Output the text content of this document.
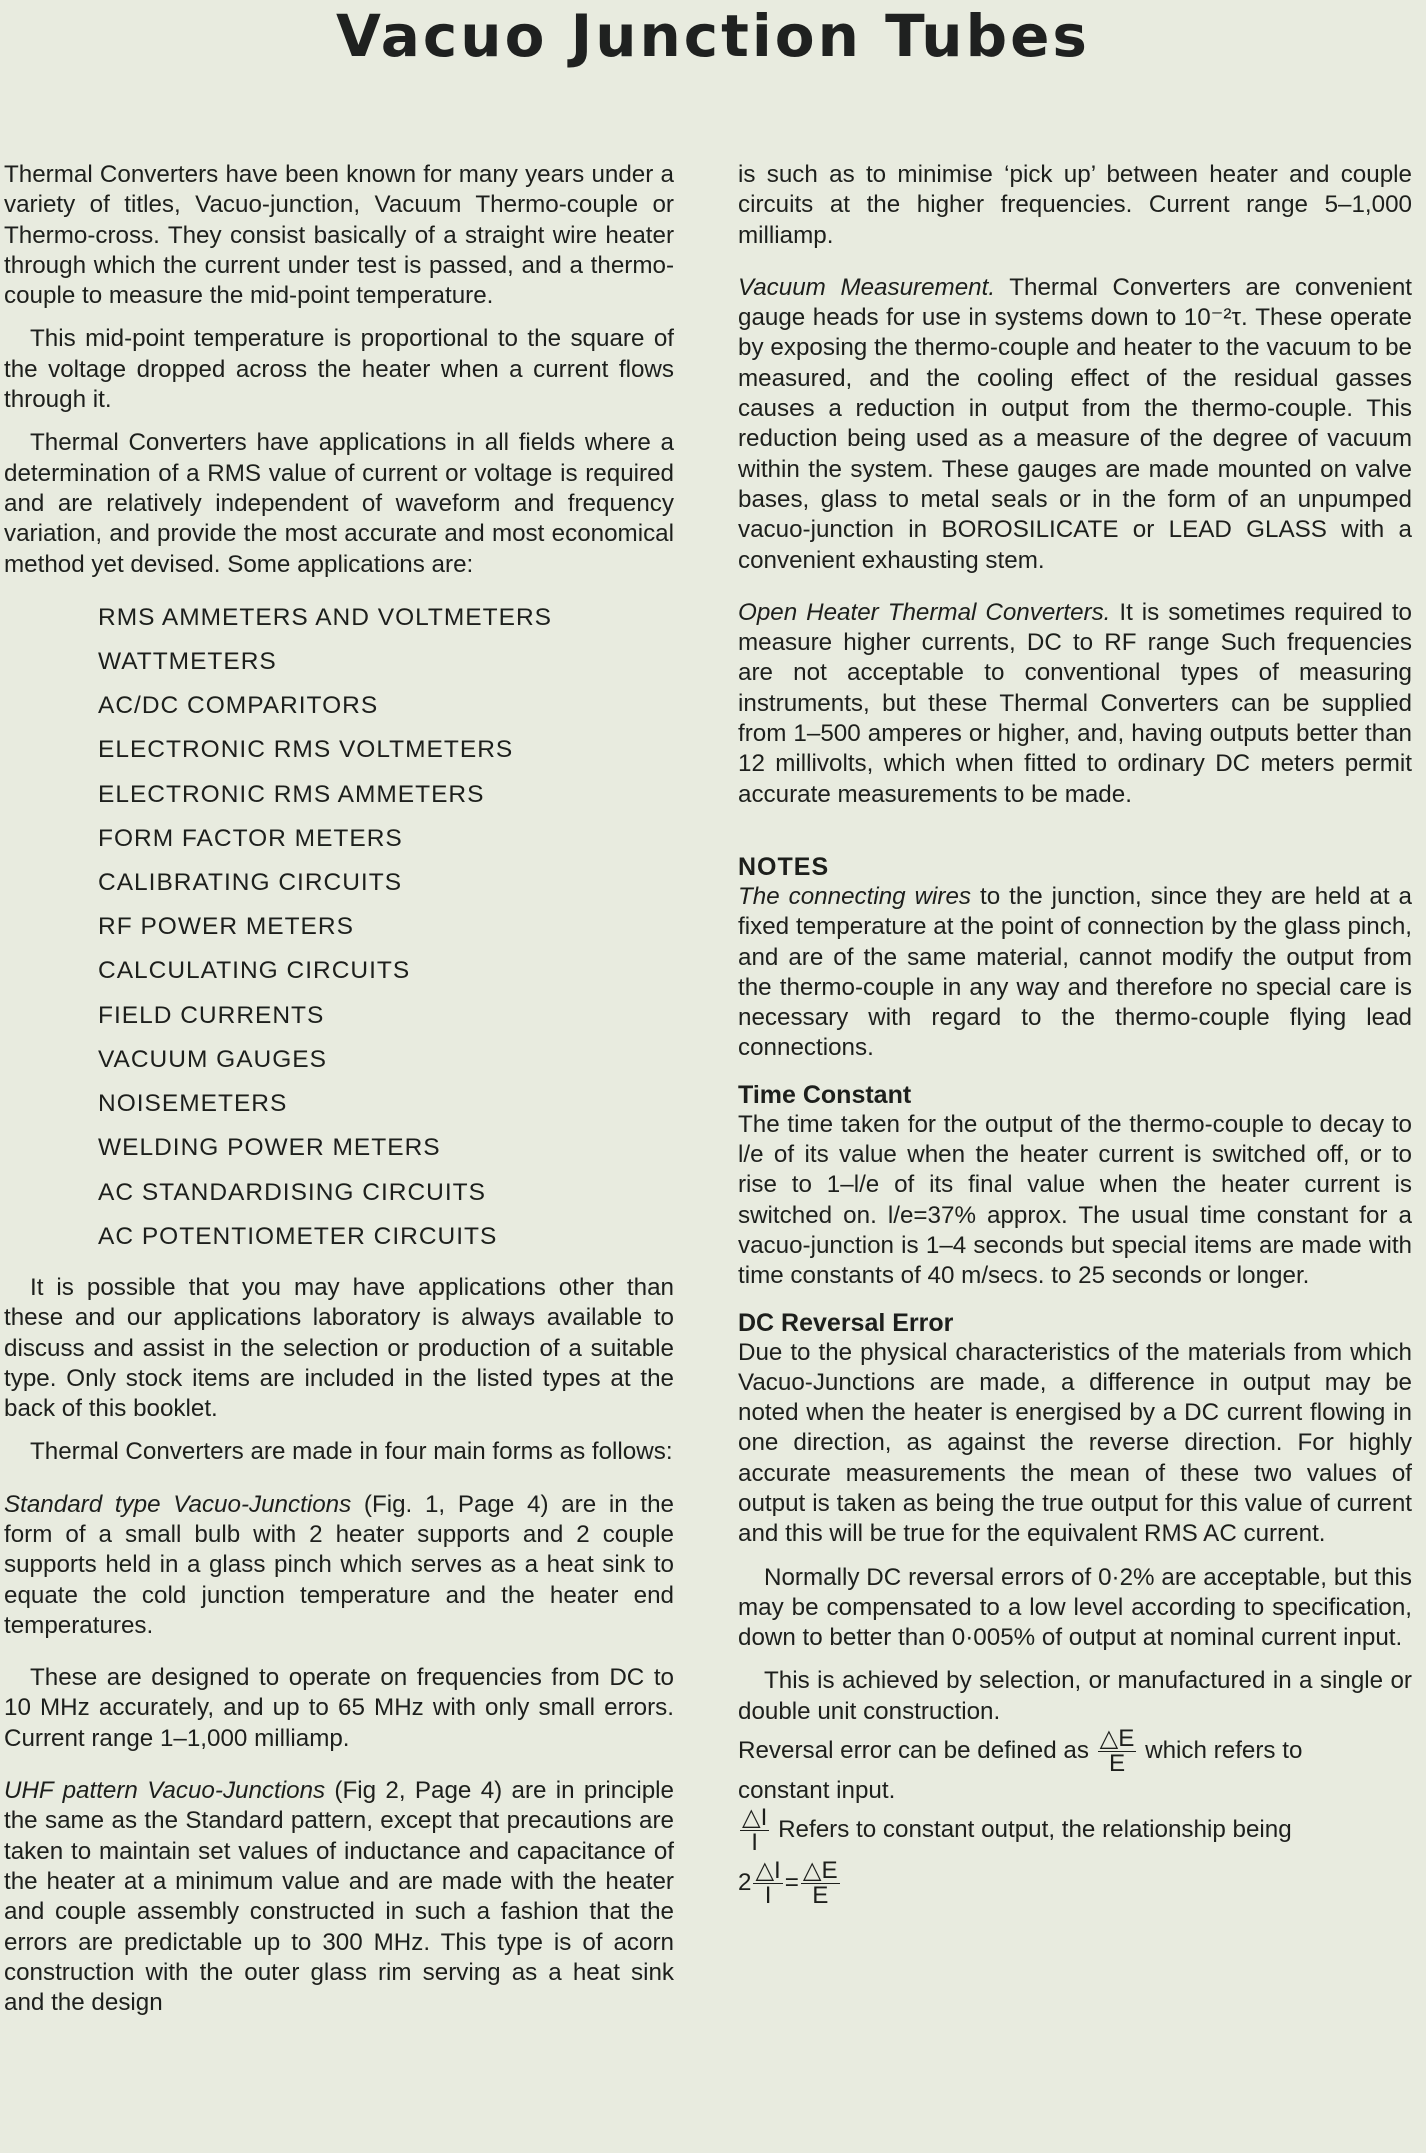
Vacuo Junction Tubes

Thermal Converters have been known for many years under a variety of titles, Vacuo-junction, Vacuum Thermo-couple or Thermo-cross. They consist basically of a straight wire heater through which the current under test is passed, and a thermo-couple to measure the mid-point temperature.

This mid-point temperature is proportional to the square of the voltage dropped across the heater when a current flows through it.

Thermal Converters have applications in all fields where a determination of a RMS value of current or voltage is required and are relatively independent of waveform and frequency variation, and provide the most accurate and most economical method yet devised. Some applications are:

RMS AMMETERS AND VOLTMETERS
WATTMETERS
AC/DC COMPARITORS
ELECTRONIC RMS VOLTMETERS
ELECTRONIC RMS AMMETERS
FORM FACTOR METERS
CALIBRATING CIRCUITS
RF POWER METERS
CALCULATING CIRCUITS
FIELD CURRENTS
VACUUM GAUGES
NOISEMETERS
WELDING POWER METERS
AC STANDARDISING CIRCUITS
AC POTENTIOMETER CIRCUITS

It is possible that you may have applications other than these and our applications laboratory is always available to discuss and assist in the selection or production of a suitable type. Only stock items are included in the listed types at the back of this booklet.

Thermal Converters are made in four main forms as follows:

Standard type Vacuo-Junctions (Fig. 1, Page 4) are in the form of a small bulb with 2 heater supports and 2 couple supports held in a glass pinch which serves as a heat sink to equate the cold junction temperature and the heater end temperatures.

These are designed to operate on frequencies from DC to 10 MHz accurately, and up to 65 MHz with only small errors. Current range 1–1,000 milliamp.

UHF pattern Vacuo-Junctions (Fig 2, Page 4) are in principle the same as the Standard pattern, except that precautions are taken to maintain set values of inductance and capacitance of the heater at a minimum value and are made with the heater and couple assembly constructed in such a fashion that the errors are predictable up to 300 MHz. This type is of acorn construction with the outer glass rim serving as a heat sink and the design

is such as to minimise ‘pick up’ between heater and couple circuits at the higher frequencies. Current range 5–1,000 milliamp.

Vacuum Measurement. Thermal Converters are convenient gauge heads for use in systems down to 10⁻²τ. These operate by exposing the thermo-couple and heater to the vacuum to be measured, and the cooling effect of the residual gasses causes a reduction in output from the thermo-couple. This reduction being used as a measure of the degree of vacuum within the system. These gauges are made mounted on valve bases, glass to metal seals or in the form of an unpumped vacuo-junction in BOROSILICATE or LEAD GLASS with a convenient exhausting stem.

Open Heater Thermal Converters. It is sometimes required to measure higher currents, DC to RF range Such frequencies are not acceptable to conventional types of measuring instruments, but these Thermal Converters can be supplied from 1–500 amperes or higher, and, having outputs better than 12 millivolts, which when fitted to ordinary DC meters permit accurate measurements to be made.

NOTES

The connecting wires to the junction, since they are held at a fixed temperature at the point of connection by the glass pinch, and are of the same material, cannot modify the output from the thermo-couple in any way and therefore no special care is necessary with regard to the thermo-couple flying lead connections.

Time Constant

The time taken for the output of the thermo-couple to decay to l/e of its value when the heater current is switched off, or to rise to 1–l/e of its final value when the heater current is switched on. l/e=37% approx. The usual time constant for a vacuo-junction is 1–4 seconds but special items are made with time constants of 40 m/secs. to 25 seconds or longer.

DC Reversal Error

Due to the physical characteristics of the materials from which Vacuo-Junctions are made, a difference in output may be noted when the heater is energised by a DC current flowing in one direction, as against the reverse direction. For highly accurate measurements the mean of these two values of output is taken as being the true output for this value of current and this will be true for the equivalent RMS AC current.

Normally DC reversal errors of 0·2% are acceptable, but this may be compensated to a low level according to specification, down to better than 0·005% of output at nominal current input.

This is achieved by selection, or manufactured in a single or double unit construction.

Reversal error can be defined as $\frac{\triangle E}{E}$ which refers to

constant input.

$\frac{\triangle I}{I}$ Refers to constant output, the relationship being

$2 \frac{\triangle I}{I} = \frac{\triangle E}{E}$
